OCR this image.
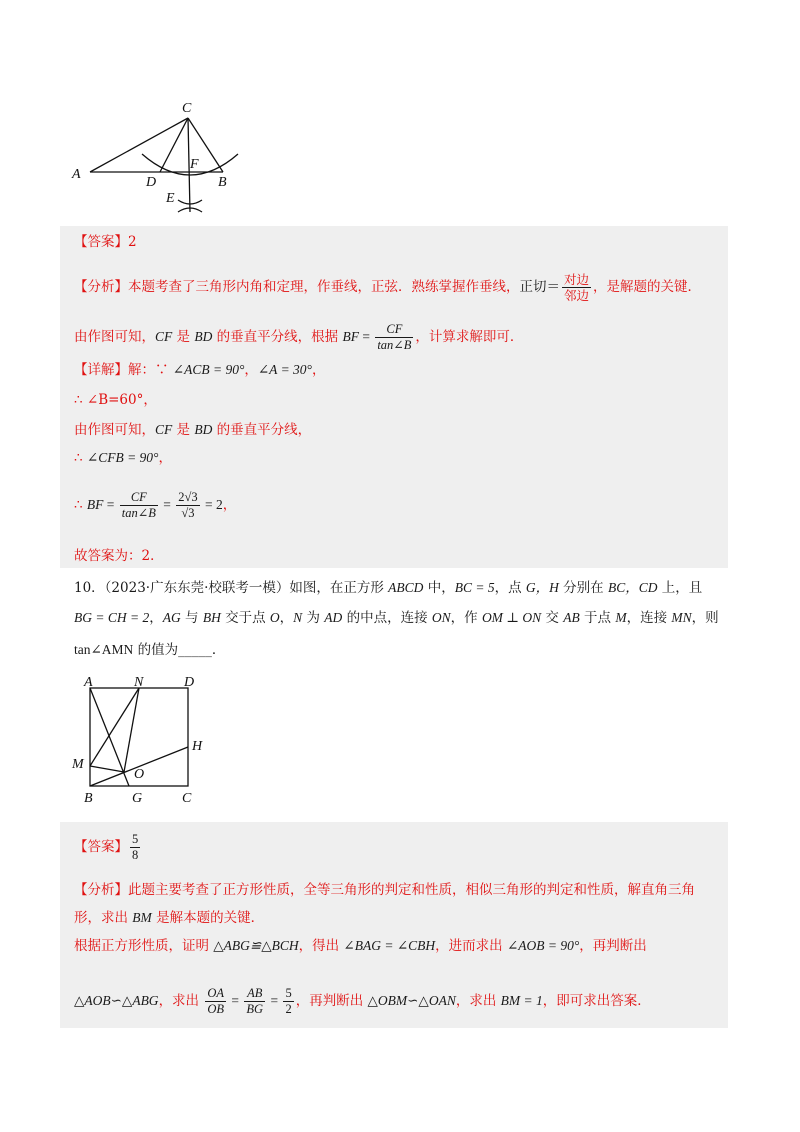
C
A
F
D	B
E
【答案】2
【分析】本题考查了三角形内角和定理，作垂线，正弦．熟练掌握作垂线，正切＝ $\frac{\text{对边}}{\text{邻边}}$ ，是解题的关键．
由作图可知，CF 是 BD 的垂直平分线，根据 BF = $\frac{CF}{\tan\angle B}$ ，计算求解即可．
【详解】解：∵ ∠ACB = 90°，∠A = 30°，
∴ ∠B=60°，
由作图可知，CF 是 BD 的垂直平分线，
∴ ∠CFB = 90°，
∴ BF = $\frac{CF}{\tan\angle B} = \frac{2√3}{√3} = 2$，
故答案为：2．
10．（2023·广东东莞·校联考一模）如图，在正方形 ABCD 中，BC = 5，点 G，H 分别在 BC，CD 上，且
BG = CH = 2，AG 与 BH 交于点 O，N 为 AD 的中点，连接 ON，作 OM ⊥ ON 交 AB 于点 M，连接 MN，则
tan∠AMN 的值为_____．
A	N	D
H
M
O
B	G	C
【答案】 $\frac{5}{8}$
【分析】此题主要考查了正方形性质，全等三角形的判定和性质，相似三角形的判定和性质，解直角三角
形，求出 BM 是解本题的关键．
根据正方形性质，证明 △ABG≌△BCH，得出 ∠BAG = ∠CBH，进而求出 ∠AOB = 90°，再判断出
△AOB∽△ABG，求出 $\frac{OA}{OB} = \frac{AB}{BG} = \frac{5}{2}$ ，再判断出 △OBM∽△OAN，求出 BM = 1，即可求出答案．
